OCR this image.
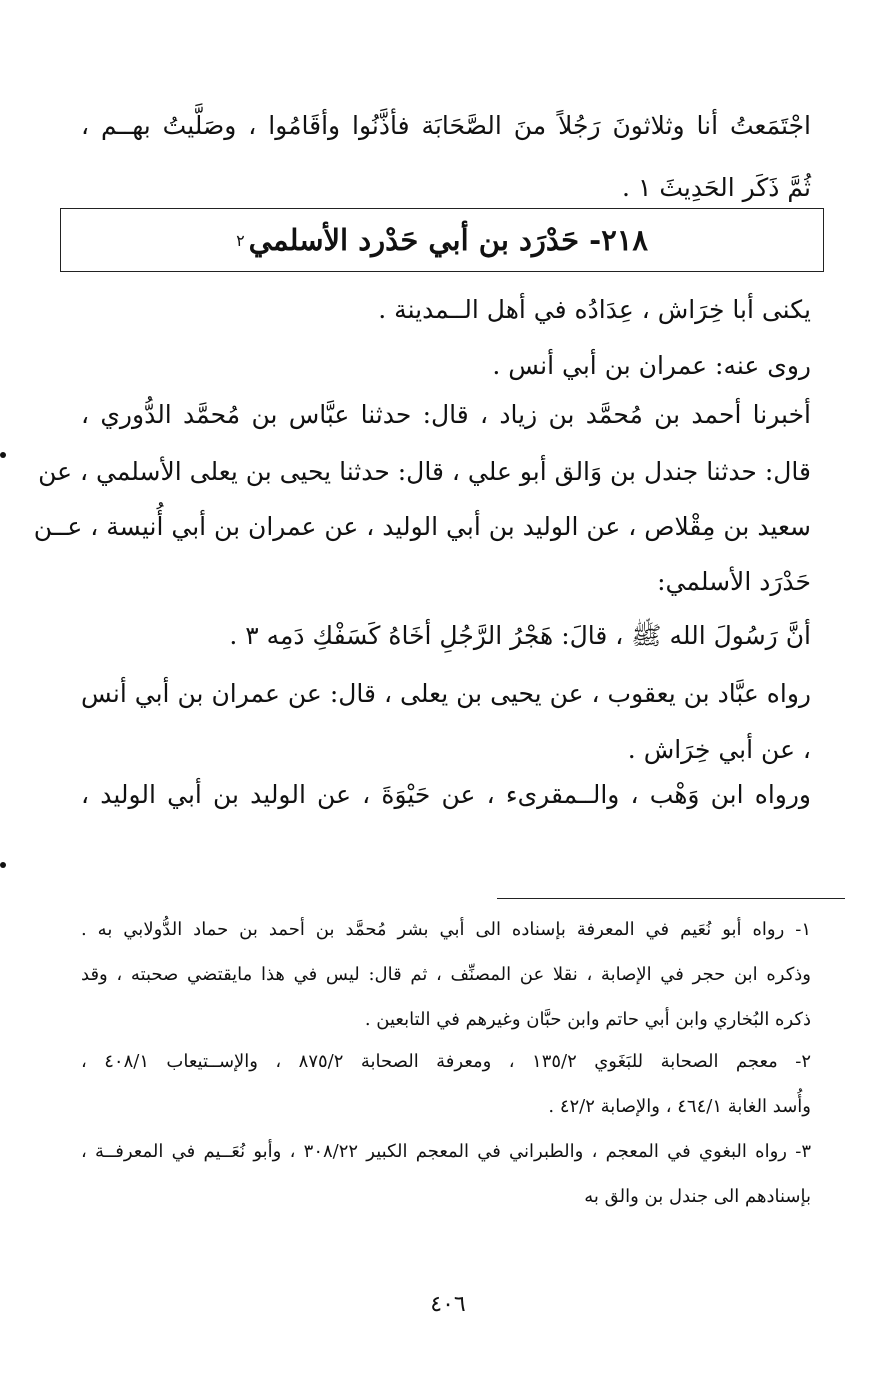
اجْتَمَعتُ أنا وثلاثونَ رَجُلاً منَ الصَّحَابَة فأذَّنُوا وأقَامُوا ، وصَلَّيتُ بهــم ،
ثُمَّ ذَكَر الحَدِيثَ ١ .
٢١٨- حَدْرَد بن أبي حَدْرد الأسلمي
٢
يكنى أبا خِرَاش ، عِدَادُه في أهل الــمدينة .
روى عنه: عمران بن أبي أنس .
أخبرنا أحمد بن مُحمَّد بن زياد ، قال: حدثنا عبَّاس بن مُحمَّد الدُّوري ،
قال: حدثنا جندل بن وَالق أبو علي ، قال: حدثنا يحيى بن يعلى الأسلمي ، عن
سعيد بن مِقْلاص ، عن الوليد بن أبي الوليد ، عن عمران بن أبي أُنيسة ، عــن
حَدْرَد الأسلمي:
أنَّ رَسُولَ الله ﷺ ، قالَ: هَجْرُ الرَّجُلِ أخَاهُ كَسَفْكِ دَمِه ٣ .
رواه عبَّاد بن يعقوب ، عن يحيى بن يعلى ، قال: عن عمران بن أبي أنس
، عن أبي خِرَاش .
ورواه ابن وَهْب ، والــمقرىء ، عن حَيْوَةَ ، عن الوليد بن أبي الوليد ،
١- رواه أبو نُعَيم في المعرفة بإسناده الى أبي بشر مُحمَّد بن أحمد بن حماد الدُّولابي به .
وذكره ابن حجر في الإصابة ، نقلا عن المصنِّف ، ثم قال: ليس في هذا مايقتضي صحبته ، وقد
ذكره البُخاري وابن أبي حاتم وابن حبَّان وغيرهم في التابعين .
٢- معجم الصحابة للبَغَوي ١٣٥/٢ ، ومعرفة الصحابة ٨٧٥/٢ ، والإســتيعاب ٤٠٨/١ ،
وأُسد الغابة ٤٦٤/١ ، والإصابة ٤٢/٢ .
٣- رواه البغوي في المعجم ، والطبراني في المعجم الكبير ٣٠٨/٢٢ ، وأبو نُعَــيم في المعرفــة ،
بإسنادهم الى جندل بن والق به
٤٠٦
